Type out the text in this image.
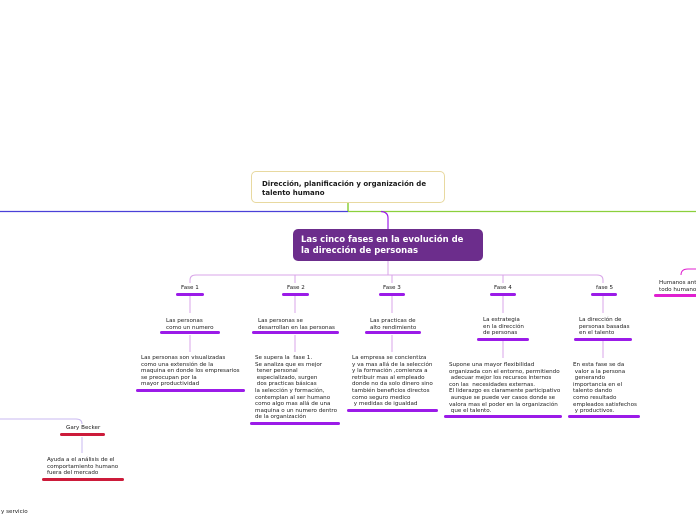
Dirección, planificación y organización de
talento humano
Las cinco fases en la evolución de
la dirección de personas
Fase 1
Las personas
como un numero
Las personas son visualizadas
como una extensión de la
maquina en donde los empresarios
se preocupan por la
mayor productividad
Fase 2
Las personas se
desarrollan en las personas
Se supera la  fase 1.
Se analiza que es mejor
tener personal
especializado, surgen
dos practicas básicas
la selección y formación,
contemplan al ser humano
como algo mas allá de una
maquina o un numero dentro
de la organización
Fase 3
Las practicas de
alto rendimiento
La empresa se concientiza
y va mas allá de la selección
y la formación ,comienza a
retribuir mas al empleado
donde no da solo dinero sino
también beneficios directos
como seguro medico
y medidas de igualdad
Fase 4
La estrategia
en la dirección
de personas
Supone una mayor flexibilidad
organizada con el entorno, permitiendo
adecuar mejor los recursos internos
con las  necesidades externas.
El liderazgo es claramente participativo
aunque se puede ver casos donde se
valora mas el poder en la organización
que el talento.
fase 5
La dirección de
personas basadas
en el talento
En esta fase se da
valor a la persona
generando
importancia en el
talento dando
como resultado
empleados satisfechos
y productivos.
Gary Becker
Ayuda a el análisis de el
comportamiento humano
fuera del mercado
y servicio
Humanos ant
todo humano
